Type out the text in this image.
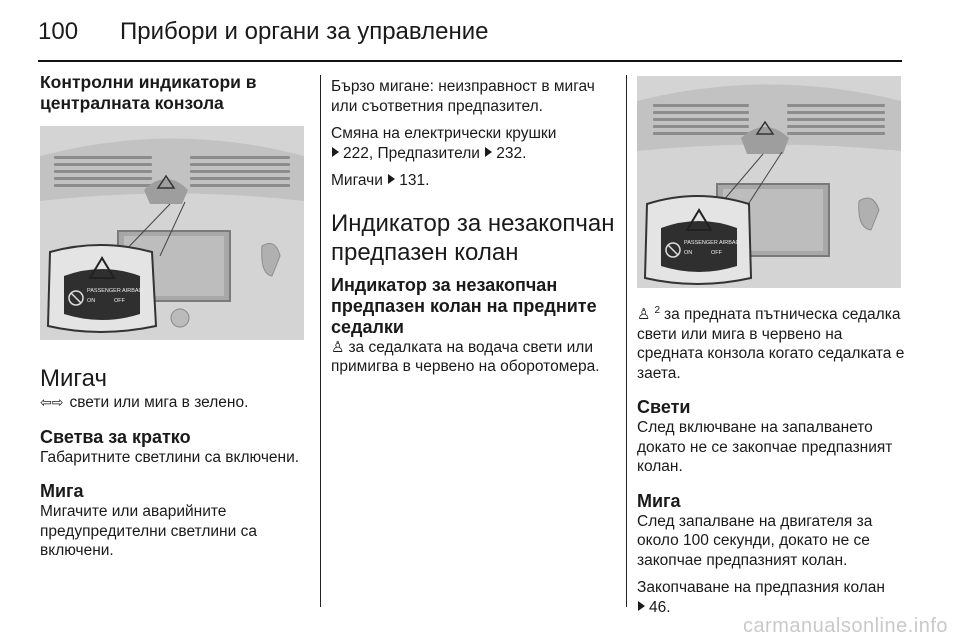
100 Прибори и органи за управление
Контролни индикатори в централната конзола
PASSENGER AIRBAG
ON	OFF
Мигач
⇦⇨ свети или мига в зелено.
Светва за кратко
Габаритните светлини са включени.
Мига
Мигачите или аварийните предупредителни светлини са включени.
Бързо мигане: неизправност в мигач или съответния предпазител.
Смяна на електрически крушки
222, Предпазители 232.
Мигачи 131.
Индикатор за незакопчан предпазен колан
Индикатор за незакопчан предпазен колан на предните седалки
♙ за седалката на водача свети или примигва в червено на оборотомера.
PASSENGER AIRBAG
ON	OFF
♙ $^2$ за предната пътническа седалка свети или мига в червено на средната конзола когато седалката е заета.
Свети
След включване на запалването докато не се закопчае предпазният колан.
Мига
След запалване на двигателя за около 100 секунди, докато не се закопчае предпазният колан.
Закопчаване на предпазния колан
46.
carmanualsonline.info
